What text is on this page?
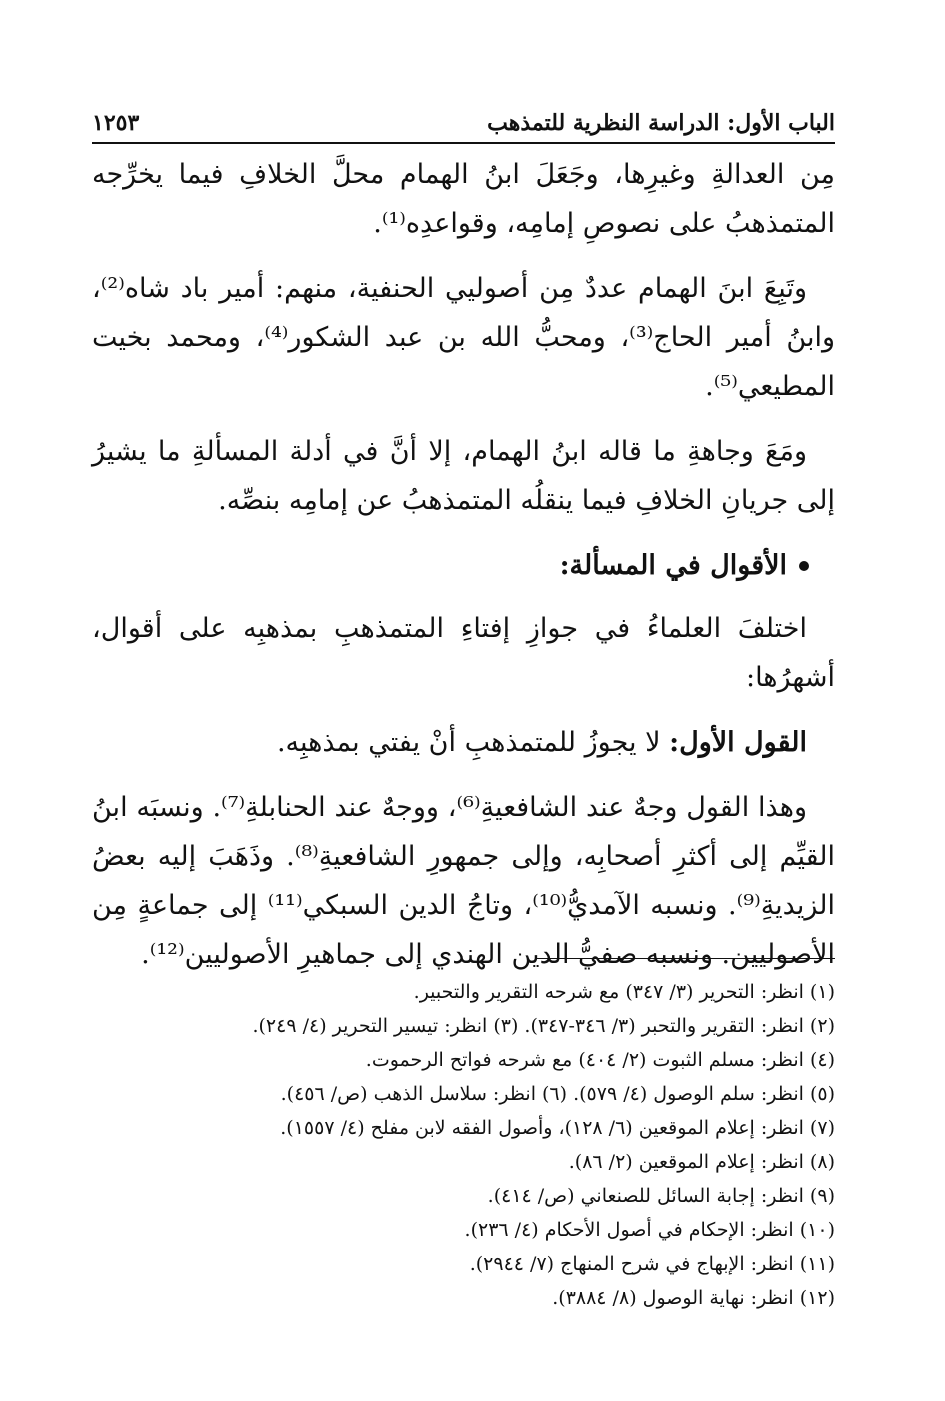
الباب الأول: الدراسة النظرية للتمذهب
١٢٥٣

مِن العدالةِ وغيرِها، وجَعَلَ ابنُ الهمام محلَّ الخلافِ فيما يخرِّجه المتمذهبُ على نصوصِ إمامِه، وقواعدِه⁽¹⁾.

وتَبِعَ ابنَ الهمام عددٌ مِن أصوليي الحنفية، منهم: أمير باد شاه⁽²⁾، وابنُ أمير الحاج⁽³⁾، ومحبُّ الله بن عبد الشكور⁽⁴⁾، ومحمد بخيت المطيعي⁽⁵⁾.

ومَعَ وجاهةِ ما قاله ابنُ الهمام، إلا أنَّ في أدلة المسألةِ ما يشيرُ إلى جريانِ الخلافِ فيما ينقلُه المتمذهبُ عن إمامِه بنصِّه.

الأقوال في المسألة:

اختلفَ العلماءُ في جوازِ إفتاءِ المتمذهبِ بمذهبِه على أقوال، أشهرُها:

القول الأول: لا يجوزُ للمتمذهبِ أنْ يفتي بمذهبِه.

وهذا القول وجهٌ عند الشافعيةِ⁽⁶⁾، ووجهٌ عند الحنابلةِ⁽⁷⁾. ونسبَه ابنُ القيِّم إلى أكثرِ أصحابِه، وإلى جمهورِ الشافعيةِ⁽⁸⁾. وذَهَبَ إليه بعضُ الزيديةِ⁽⁹⁾. ونسبه الآمديُّ⁽¹⁰⁾، وتاجُ الدين السبكي⁽¹¹⁾ إلى جماعةٍ مِن الأصوليين. ونسبه صفيُّ الدين الهندي إلى جماهيرِ الأصوليين⁽¹²⁾.

(١) انظر: التحرير (٣/ ٣٤٧) مع شرحه التقرير والتحبير.

(٢) انظر: التقرير والتحبر (٣/ ٣٤٦-٣٤٧). (٣) انظر: تيسير التحرير (٤/ ٢٤٩).

(٤) انظر: مسلم الثبوت (٢/ ٤٠٤) مع شرحه فواتح الرحموت.

(٥) انظر: سلم الوصول (٤/ ٥٧٩). (٦) انظر: سلاسل الذهب (ص/ ٤٥٦).

(٧) انظر: إعلام الموقعين (٦/ ١٢٨)، وأصول الفقه لابن مفلح (٤/ ١٥٥٧).

(٨) انظر: إعلام الموقعين (٢/ ٨٦).

(٩) انظر: إجابة السائل للصنعاني (ص/ ٤١٤).

(١٠) انظر: الإحكام في أصول الأحكام (٤/ ٢٣٦).

(١١) انظر: الإبهاج في شرح المنهاج (٧/ ٢٩٤٤).

(١٢) انظر: نهاية الوصول (٨/ ٣٨٨٤).
